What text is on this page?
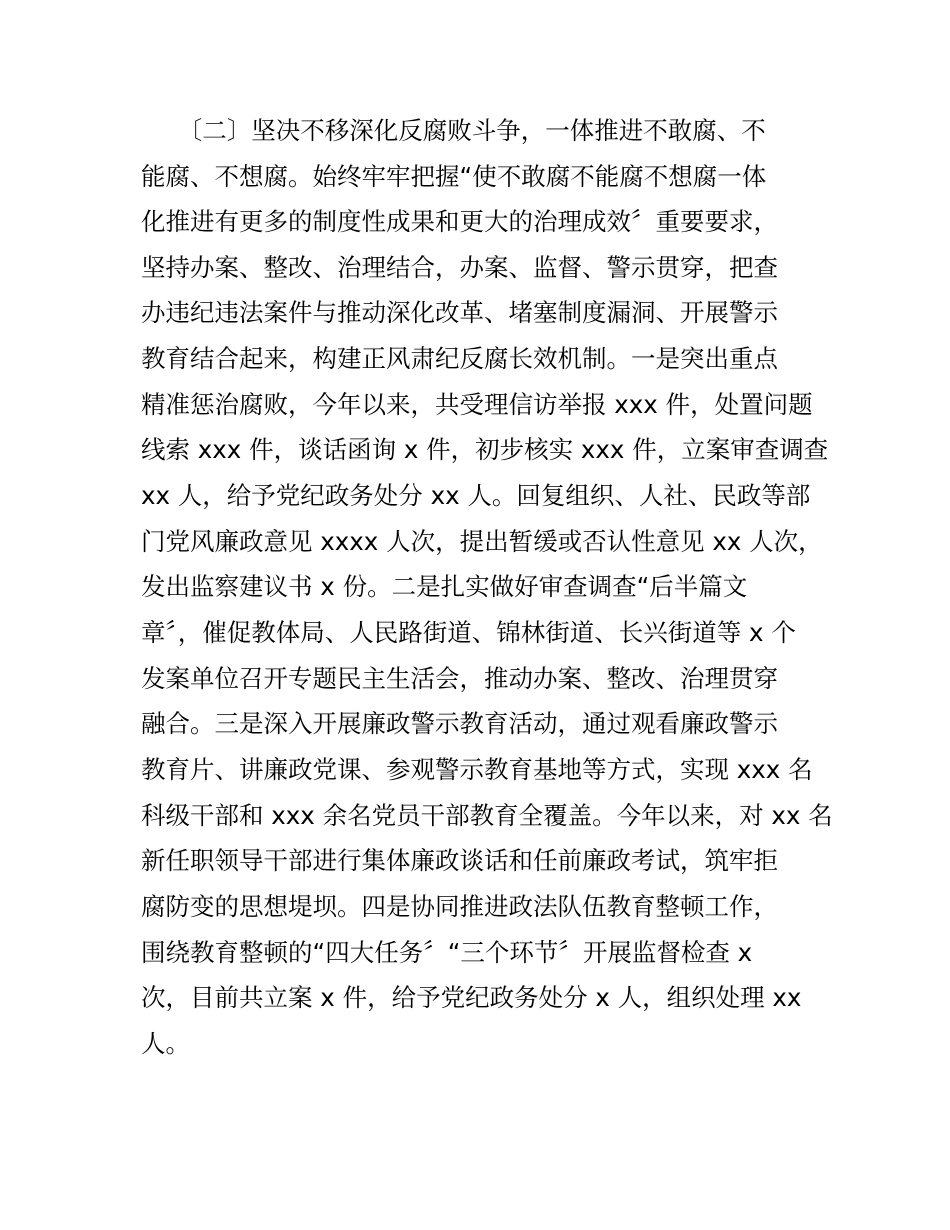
　　〔二〕坚决不移深化反腐败斗争，一体推进不敢腐、不
能腐、不想腐。始终牢牢把握“使不敢腐不能腐不想腐一体
化推进有更多的制度性成果和更大的治理成效〞重要要求，
坚持办案、整改、治理结合，办案、监督、警示贯穿，把查
办违纪违法案件与推动深化改革、堵塞制度漏洞、开展警示
教育结合起来，构建正风肃纪反腐长效机制。一是突出重点
精准惩治腐败，今年以来，共受理信访举报 xxx 件，处置问题
线索 xxx 件，谈话函询 x 件，初步核实 xxx 件，立案审查调查
xx 人，给予党纪政务处分 xx 人。回复组织、人社、民政等部
门党风廉政意见 xxxx 人次，提出暂缓或否认性意见 xx 人次，
发出监察建议书 x 份。二是扎实做好审查调查“后半篇文
章〞，催促教体局、人民路街道、锦林街道、长兴街道等 x 个
发案单位召开专题民主生活会，推动办案、整改、治理贯穿
融合。三是深入开展廉政警示教育活动，通过观看廉政警示
教育片、讲廉政党课、参观警示教育基地等方式，实现 xxx 名
科级干部和 xxx 余名党员干部教育全覆盖。今年以来，对 xx 名
新任职领导干部进行集体廉政谈话和任前廉政考试，筑牢拒
腐防变的思想堤坝。四是协同推进政法队伍教育整顿工作，
围绕教育整顿的“四大任务〞“三个环节〞开展监督检查 x
次，目前共立案 x 件，给予党纪政务处分 x 人，组织处理 xx
人。
